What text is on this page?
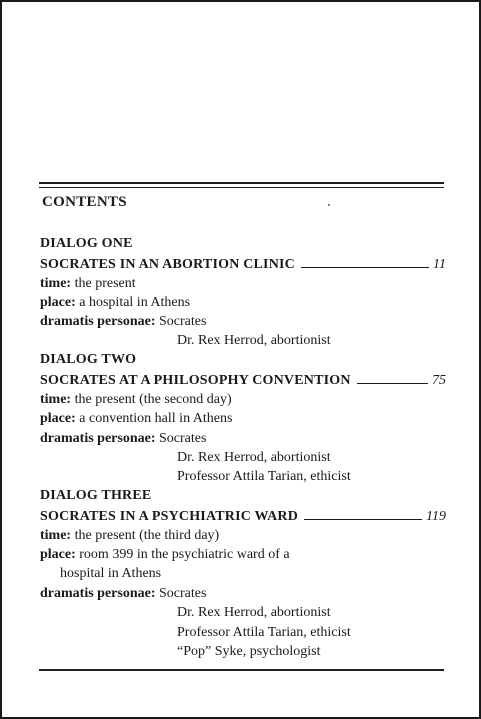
CONTENTS
DIALOG ONE
SOCRATES IN AN ABORTION CLINIC	11
time: the present
place: a hospital in Athens
dramatis personae: Socrates
Dr. Rex Herrod, abortionist
DIALOG TWO
SOCRATES AT A PHILOSOPHY CONVENTION	75
time: the present (the second day)
place: a convention hall in Athens
dramatis personae: Socrates
Dr. Rex Herrod, abortionist
Professor Attila Tarian, ethicist
DIALOG THREE
SOCRATES IN A PSYCHIATRIC WARD	119
time: the present (the third day)
place: room 399 in the psychiatric ward of a
hospital in Athens
dramatis personae: Socrates
Dr. Rex Herrod, abortionist
Professor Attila Tarian, ethicist
“Pop” Syke, psychologist
